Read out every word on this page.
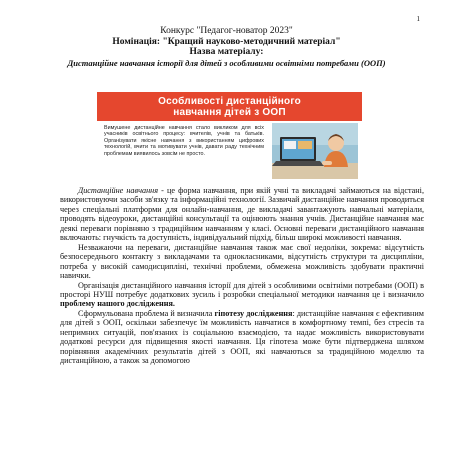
1
Конкурс "Педагог-новатор 2023"
Номінація: "Кращий науково-методичний матеріал"
Назва матеріалу:
Дистанційне навчання історії для дітей з особливими освітніми потребами (ООП)
Особливості дистанційного навчання дітей з ООП
Вимушене дистанційне навчання стало викликом для всіх учасників освітнього процесу: вчителів, учнів та батьків. Організувати якісне навчання з використанням цифрових технологій, вчити та мотивувати учнів, давати раду технічним проблемам виявилось зовсім не просто.

Дистанційне навчання - це форма навчання, при якій учні та викладачі займаються на відстані, використовуючи засоби зв'язку та інформаційні технології. Зазвичай дистанційне навчання проводиться через спеціальні платформи для онлайн-навчання, де викладачі завантажують навчальні матеріали, проводять відеоуроки, дистанційні консультації та оцінюють знання учнів. Дистанційне навчання має деякі переваги порівняно з традиційним навчанням у класі. Основні переваги дистанційного навчання включають: гнучкість та доступність, індивідуальний підхід, більш широкі можливості навчання.

Незважаючи на переваги, дистанційне навчання також має свої недоліки, зокрема: відсутність безпосереднього контакту з викладачами та однокласниками, відсутність структури та дисципліни, потреба у високій самодисципліні, технічні проблеми, обмежена можливість здобувати практичні навички.

Організація дистанційного навчання історії для дітей з особливими освітніми потребами (ООП) в просторі НУШ потребує додаткових зусиль і розробки спеціальної методики навчання це і визначило проблему нашого дослідження.

Сформульована проблема й визначила гіпотезу дослідження: дистанційне навчання є ефективним для дітей з ООП, оскільки забезпечує їм можливість навчатися в комфортному темпі, без стресів та непримних ситуацій, пов'язаних із соціальною взаємодією, та надає можливість використовувати додаткові ресурси для підвищення якості навчання. Ця гіпотеза може бути підтверджена шляхом порівняння академічних результатів дітей з ООП, які навчаються за традиційною моделлю та дистанційною, а також за допомогою
